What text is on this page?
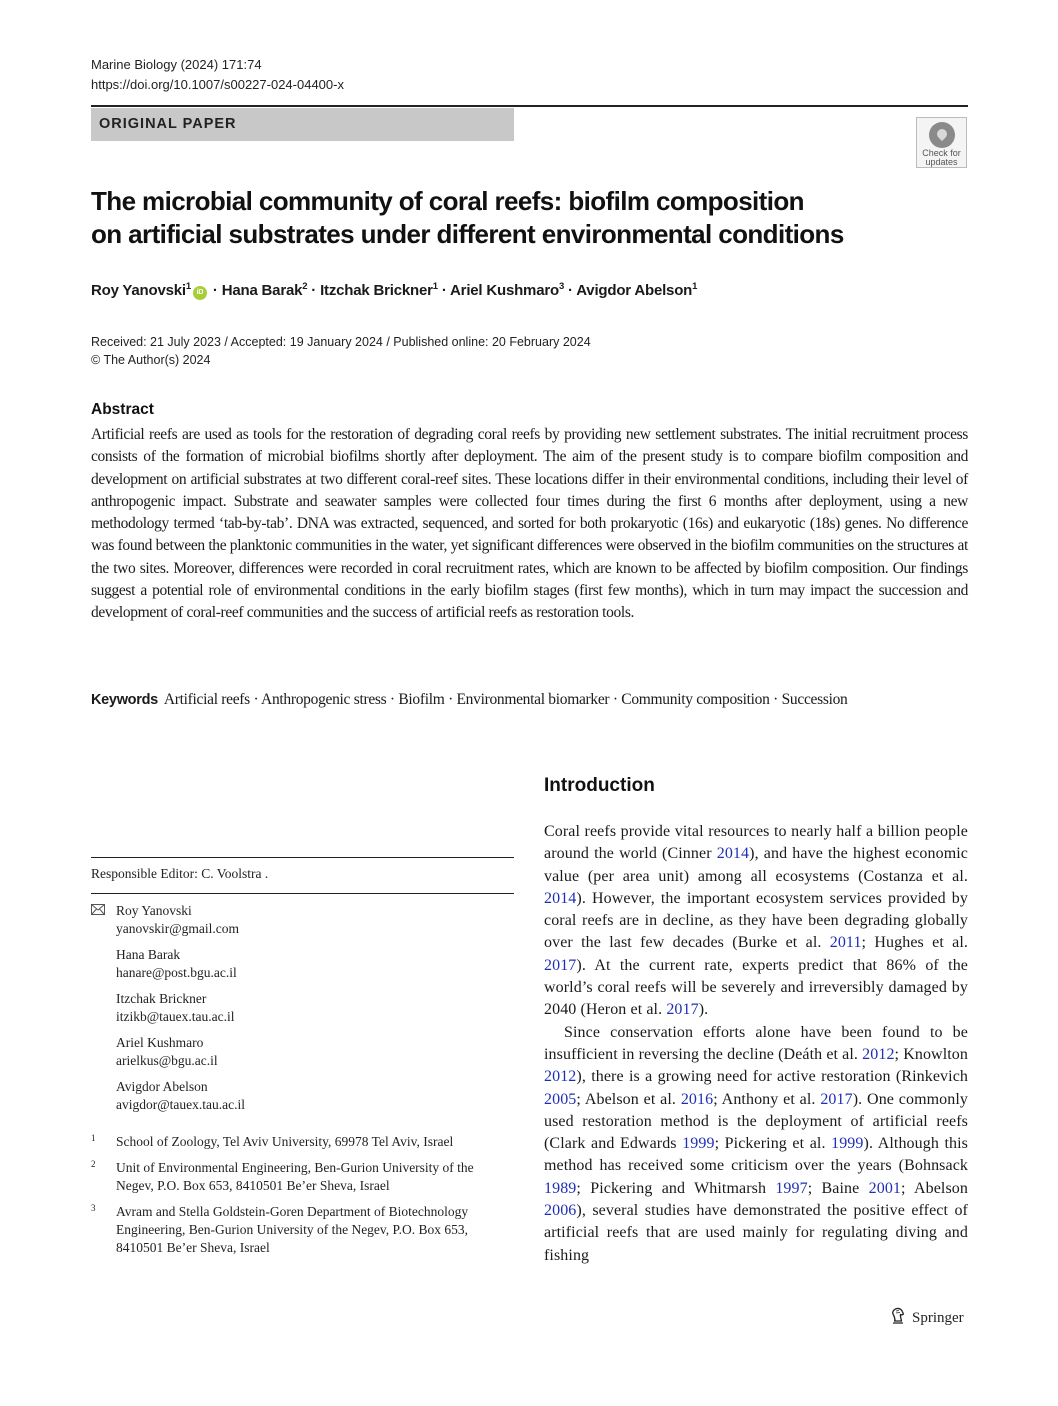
Marine Biology (2024) 171:74
https://doi.org/10.1007/s00227-024-04400-x
ORIGINAL PAPER
Check for
updates
The microbial community of coral reefs: biofilm composition
on artificial substrates under different environmental conditions
Roy Yanovski$^1$iD · Hana Barak$^2$ · Itzchak Brickner$^1$ · Ariel Kushmaro$^3$ · Avigdor Abelson$^1$
Received: 21 July 2023 / Accepted: 19 January 2024 / Published online: 20 February 2024
© The Author(s) 2024
Abstract
Artificial reefs are used as tools for the restoration of degrading coral reefs by providing new settlement substrates. The initial recruitment process consists of the formation of microbial biofilms shortly after deployment. The aim of the present study is to compare biofilm composition and development on artificial substrates at two different coral-reef sites. These locations differ in their environmental conditions, including their level of anthropogenic impact. Substrate and seawater samples were collected four times during the first 6 months after deployment, using a new methodology termed ‘tab-by-tab’. DNA was extracted, sequenced, and sorted for both prokaryotic (16s) and eukaryotic (18s) genes. No difference was found between the planktonic communities in the water, yet significant differences were observed in the biofilm communities on the structures at the two sites. Moreover, differences were recorded in coral recruitment rates, which are known to be affected by biofilm composition. Our findings suggest a potential role of environmental conditions in the early biofilm stages (first few months), which in turn may impact the succession and development of coral-reef communities and the success of artificial reefs as restoration tools.
Keywords Artificial reefs · Anthropogenic stress · Biofilm · Environmental biomarker · Community composition · Succession
Responsible Editor: C. Voolstra .
Roy Yanovski
yanovskir@gmail.com
Hana Barak
hanare@post.bgu.ac.il
Itzchak Brickner
itzikb@tauex.tau.ac.il
Ariel Kushmaro
arielkus@bgu.ac.il
Avigdor Abelson
avigdor@tauex.tau.ac.il
1 School of Zoology, Tel Aviv University, 69978 Tel Aviv, Israel
2 Unit of Environmental Engineering, Ben-Gurion University of the Negev, P.O. Box 653, 8410501 Be’er Sheva, Israel
3 Avram and Stella Goldstein-Goren Department of Biotechnology Engineering, Ben-Gurion University of the Negev, P.O. Box 653, 8410501 Be’er Sheva, Israel
Introduction

Coral reefs provide vital resources to nearly half a billion people around the world (Cinner 2014), and have the highest economic value (per area unit) among all ecosystems (Costanza et al. 2014). However, the important ecosystem services provided by coral reefs are in decline, as they have been degrading globally over the last few decades (Burke et al. 2011; Hughes et al. 2017). At the current rate, experts predict that 86% of the world’s coral reefs will be severely and irreversibly damaged by 2040 (Heron et al. 2017).

Since conservation efforts alone have been found to be insufficient in reversing the decline (Deáth et al. 2012; Knowlton 2012), there is a growing need for active restoration (Rinkevich 2005; Abelson et al. 2016; Anthony et al. 2017). One commonly used restoration method is the deployment of artificial reefs (Clark and Edwards 1999; Pickering et al. 1999). Although this method has received some criticism over the years (Bohnsack 1989; Pickering and Whitmarsh 1997; Baine 2001; Abelson 2006), several studies have demonstrated the positive effect of artificial reefs that are used mainly for regulating diving and fishing

Springer
